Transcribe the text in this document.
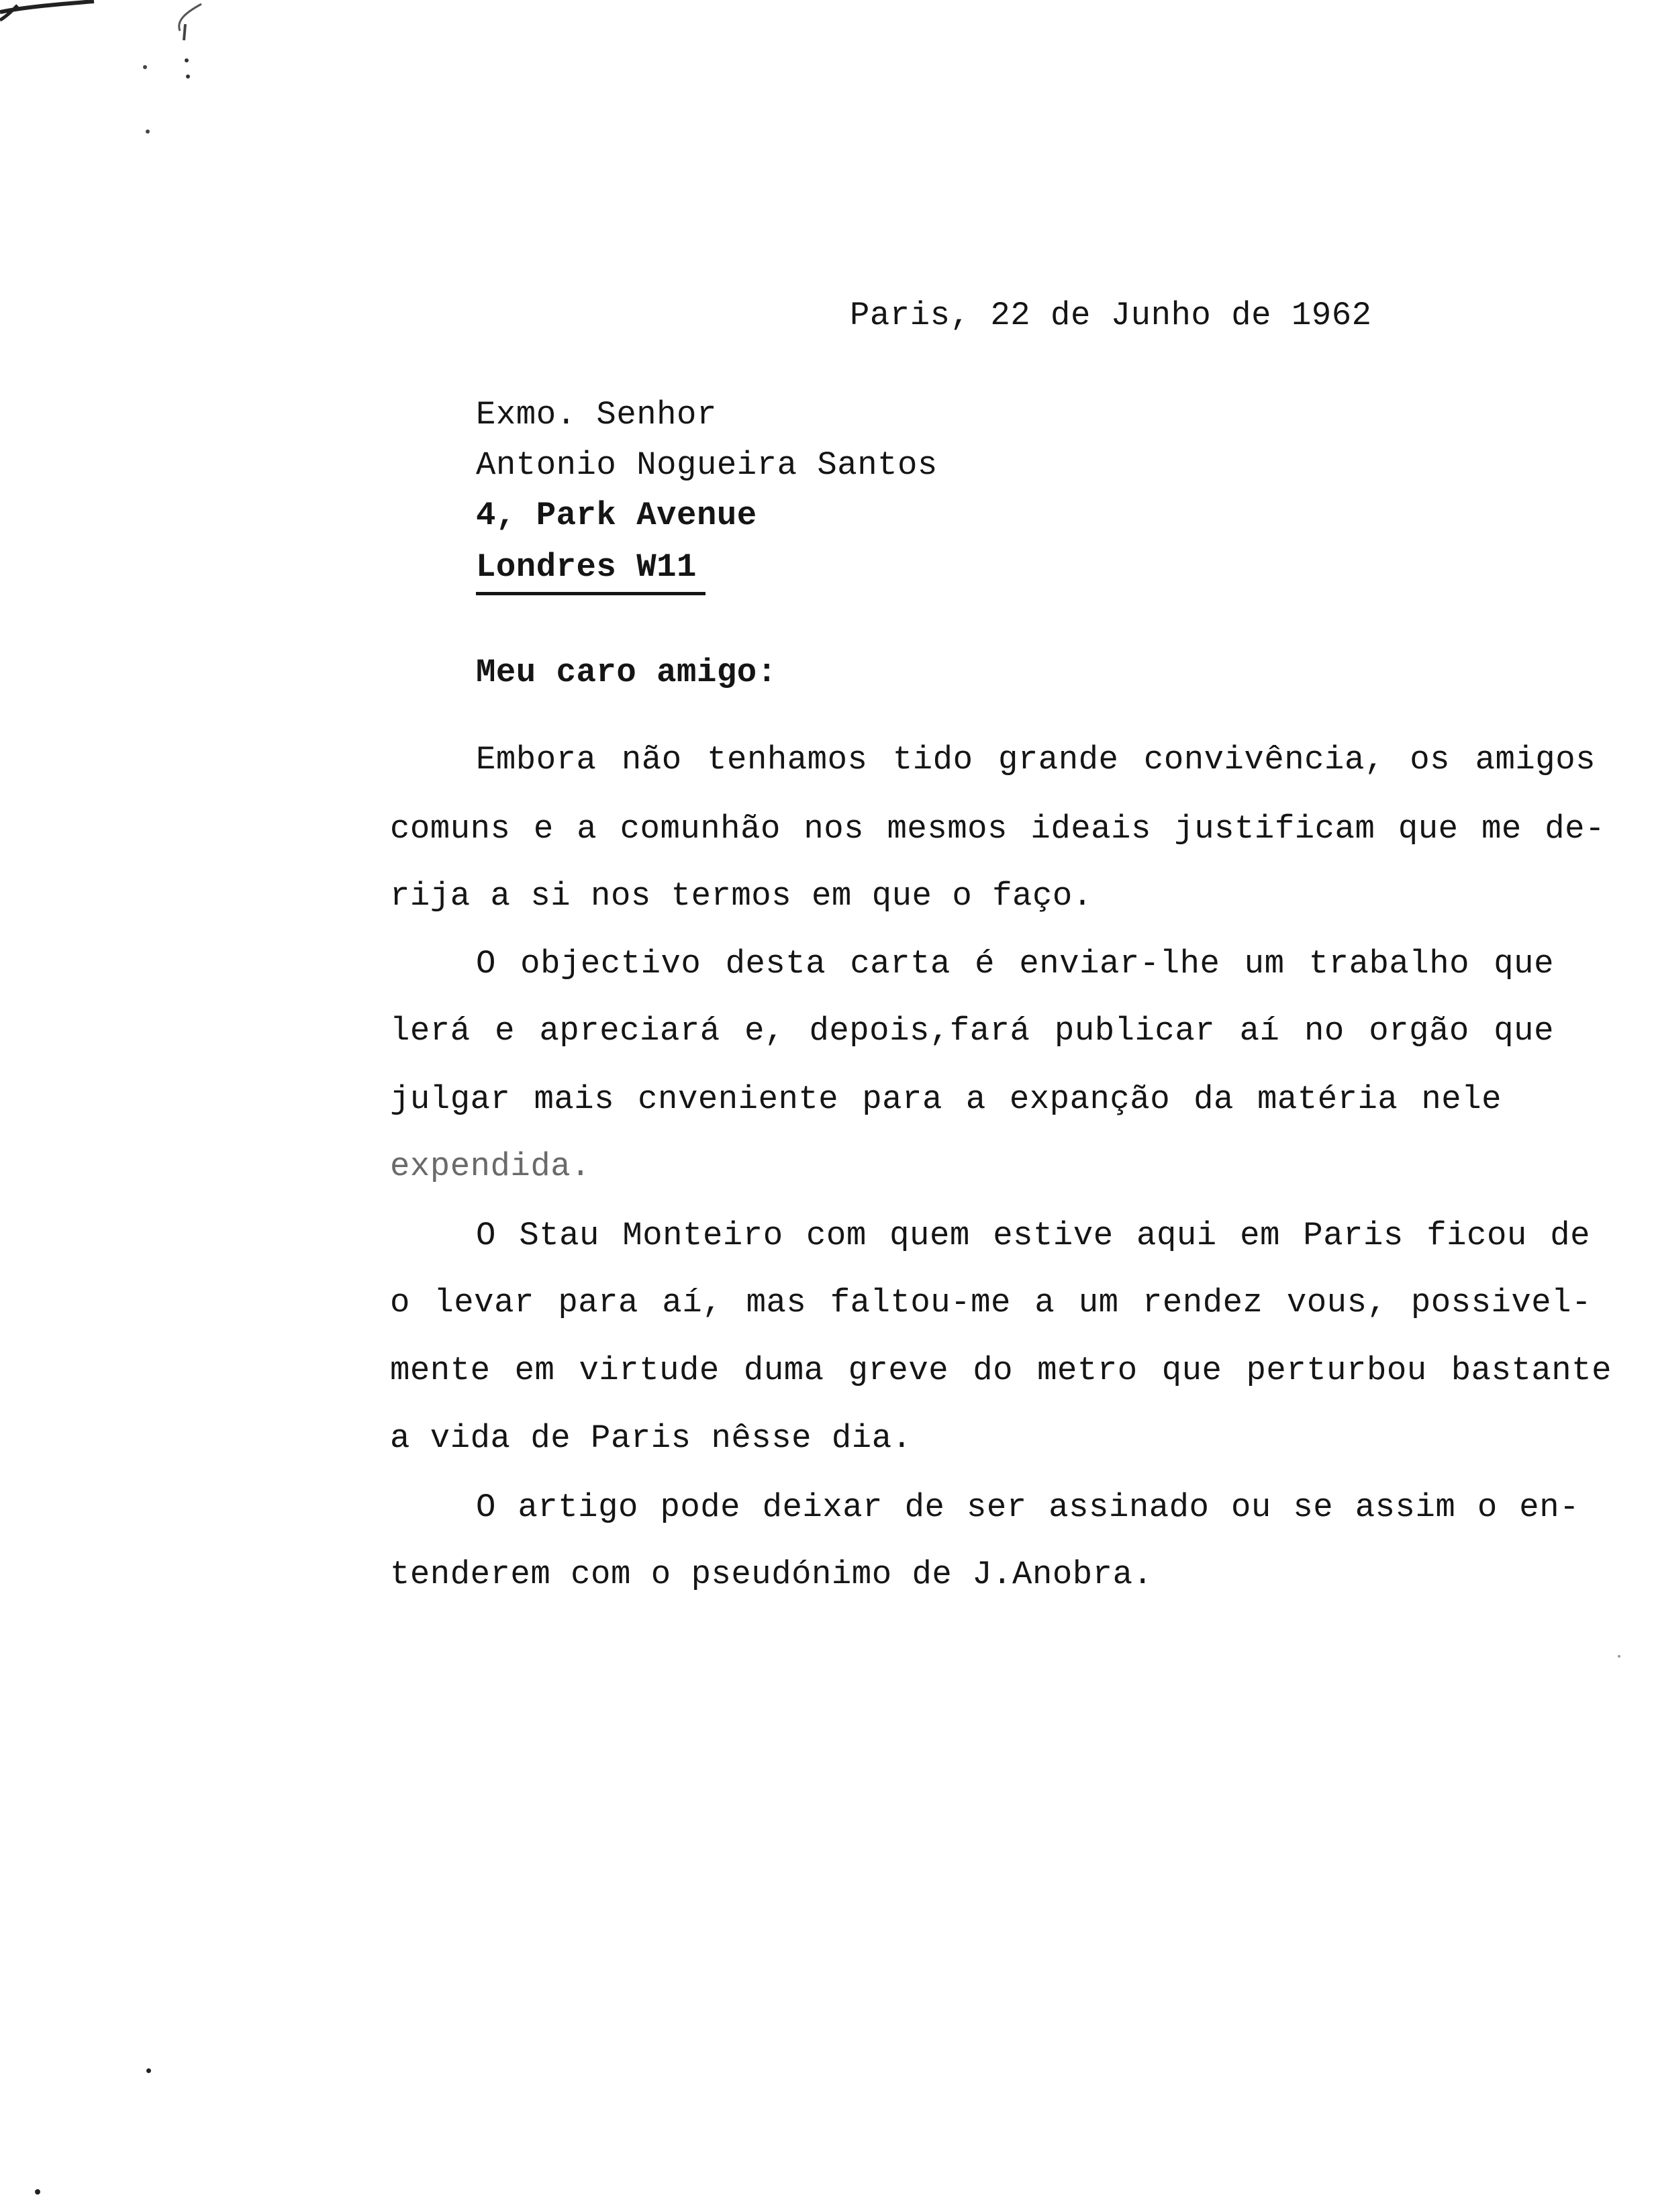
Paris, 22 de Junho de 1962
Exmo. Senhor
Antonio Nogueira Santos
4, Park Avenue
Londres W11
Meu caro amigo:
Embora não tenhamos tido grande convivência, os amigos
comuns e a comunhão nos mesmos ideais justificam que me de-
rija a si nos termos em que o faço.
O objectivo desta carta é enviar-lhe um trabalho que
lerá e apreciará e, depois,fará publicar aí no orgão que
julgar mais cnveniente para a expanção da matéria nele
expendida.
O Stau Monteiro com quem estive aqui em Paris ficou de
o levar para aí, mas faltou-me a um rendez vous, possivel-
mente em virtude duma greve do metro que perturbou bastante
a vida de Paris nêsse dia.
O artigo pode deixar de ser assinado ou se assim o en-
tenderem com o pseudónimo de J.Anobra.
